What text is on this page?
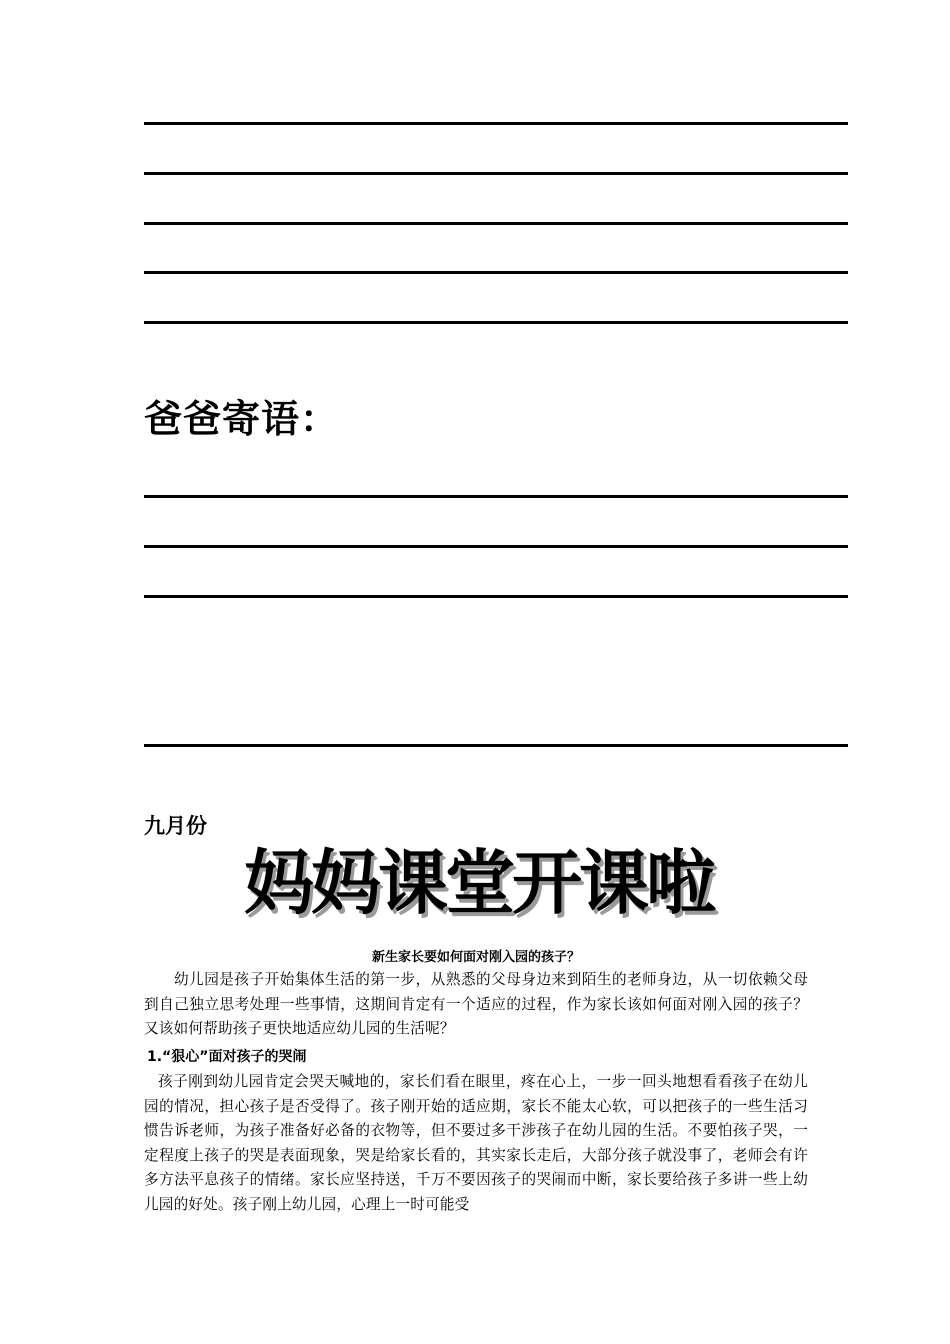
爸爸寄语：

九月份

妈妈课堂开课啦
新生家长要如何面对刚入园的孩子？

幼儿园是孩子开始集体生活的第一步，从熟悉的父母身边来到陌生的老师身边，从一切依赖父母到自己独立思考处理一些事情，这期间肯定有一个适应的过程，作为家长该如何面对刚入园的孩子？又该如何帮助孩子更快地适应幼儿园的生活呢？

1.“狠心”面对孩子的哭闹

孩子刚到幼儿园肯定会哭天喊地的，家长们看在眼里，疼在心上，一步一回头地想看看孩子在幼儿园的情况，担心孩子是否受得了。孩子刚开始的适应期，家长不能太心软，可以把孩子的一些生活习惯告诉老师，为孩子准备好必备的衣物等，但不要过多干涉孩子在幼儿园的生活。不要怕孩子哭，一定程度上孩子的哭是表面现象，哭是给家长看的，其实家长走后，大部分孩子就没事了，老师会有许多方法平息孩子的情绪。家长应坚持送，千万不要因孩子的哭闹而中断，家长要给孩子多讲一些上幼儿园的好处。孩子刚上幼儿园，心理上一时可能受
